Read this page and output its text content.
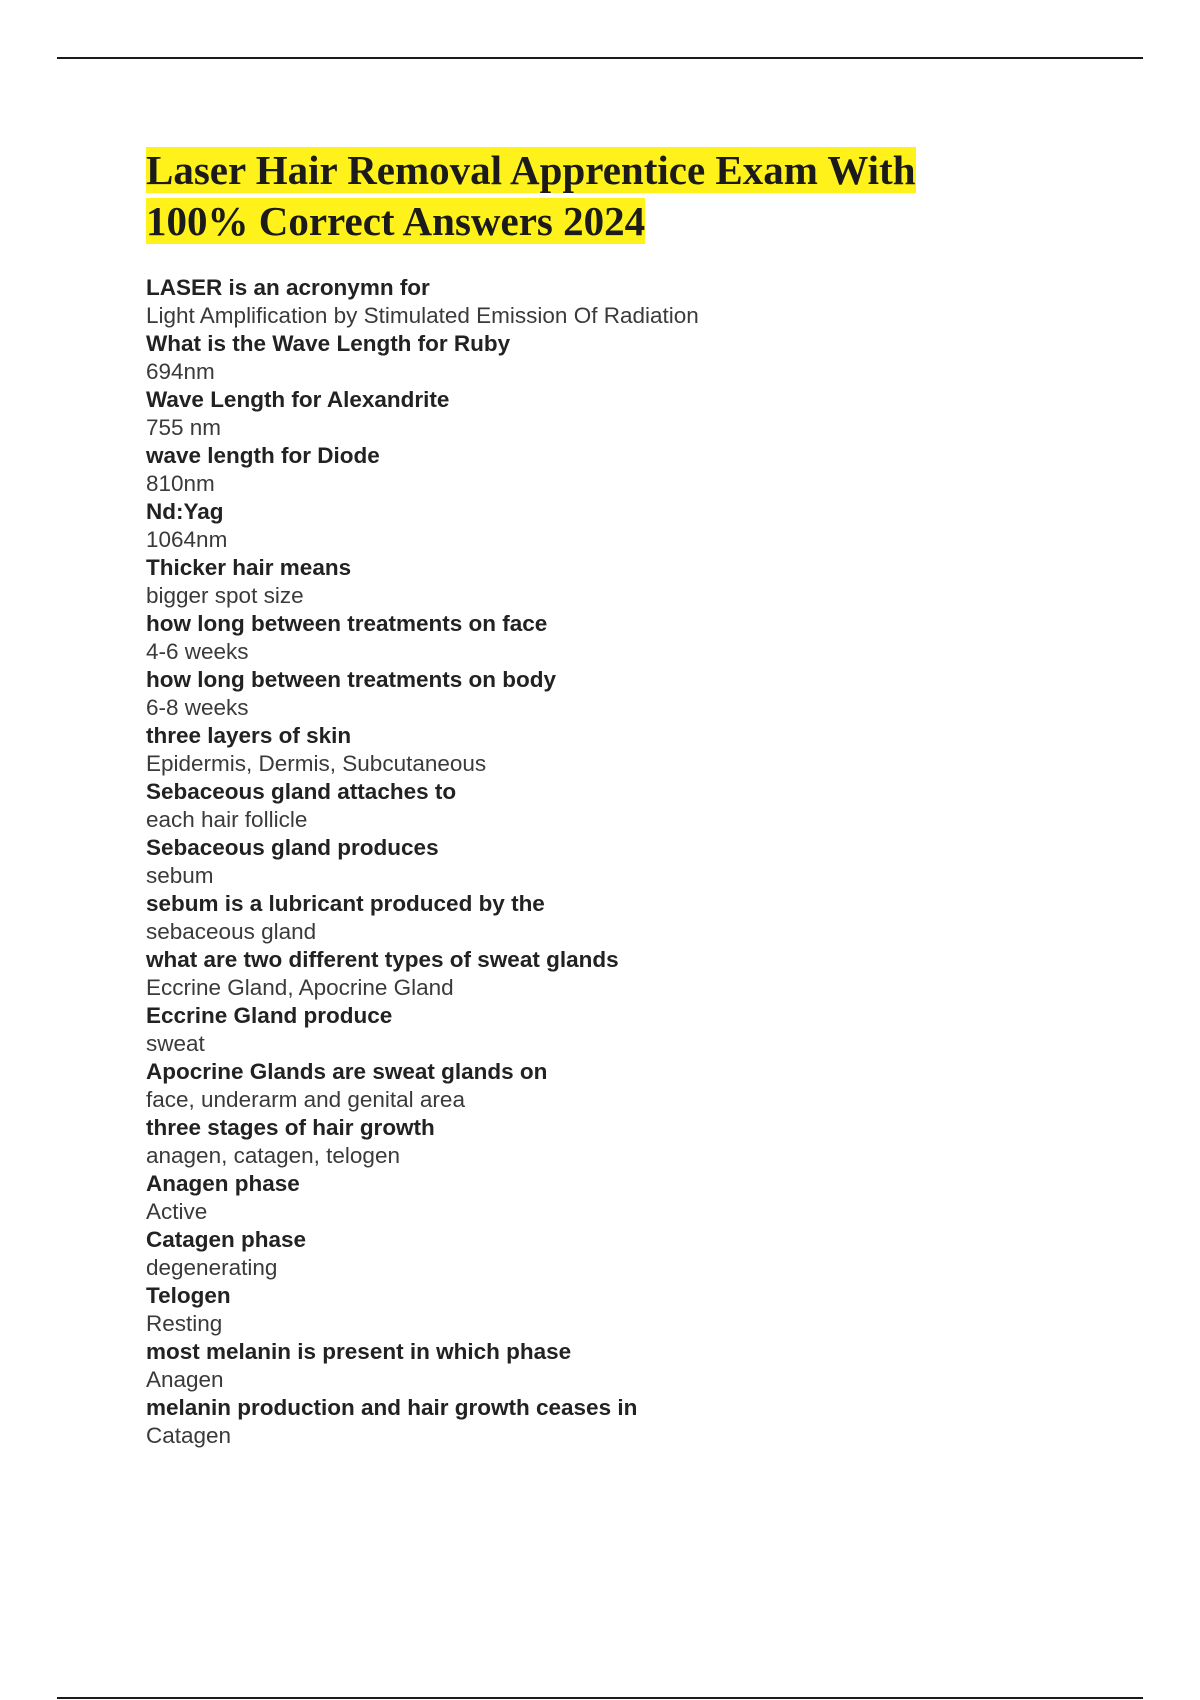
Laser Hair Removal Apprentice Exam With
100% Correct Answers 2024
LASER is an acronymn for
Light Amplification by Stimulated Emission Of Radiation
What is the Wave Length for Ruby
694nm
Wave Length for Alexandrite
755 nm
wave length for Diode
810nm
Nd:Yag
1064nm
Thicker hair means
bigger spot size
how long between treatments on face
4-6 weeks
how long between treatments on body
6-8 weeks
three layers of skin
Epidermis, Dermis, Subcutaneous
Sebaceous gland attaches to
each hair follicle
Sebaceous gland produces
sebum
sebum is a lubricant produced by the
sebaceous gland
what are two different types of sweat glands
Eccrine Gland, Apocrine Gland
Eccrine Gland produce
sweat
Apocrine Glands are sweat glands on
face, underarm and genital area
three stages of hair growth
anagen, catagen, telogen
Anagen phase
Active
Catagen phase
degenerating
Telogen
Resting
most melanin is present in which phase
Anagen
melanin production and hair growth ceases in
Catagen
